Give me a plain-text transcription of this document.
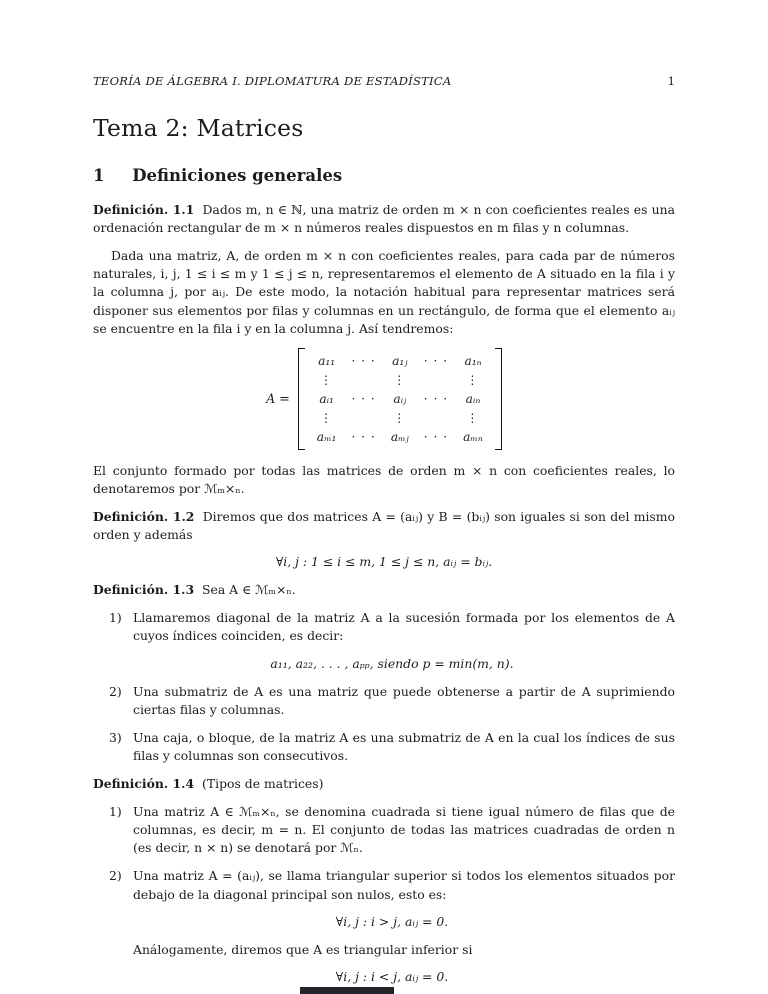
TEORÍA DE ÁLGEBRA I. DIPLOMATURA DE ESTADÍSTICA	1
Tema 2: Matrices
1 Definiciones generales

Definición. 1.1 Dados m, n ∈ ℕ, una matriz de orden m × n con coeficientes reales es una ordenación rectangular de m × n números reales dispuestos en m filas y n columnas.

Dada una matriz, A, de orden m × n con coeficientes reales, para cada par de números naturales, i, j, 1 ≤ i ≤ m y 1 ≤ j ≤ n, representaremos el elemento de A situado en la fila i y la columna j, por aᵢⱼ. De este modo, la notación habitual para representar matrices será disponer sus elementos por filas y columnas en un rectángulo, de forma que el elemento aᵢⱼ se encuentre en la fila i y en la columna j. Así tendremos:

A =
a₁₁ · · · a₁ⱼ · · · a₁ₙ
⋮	⋮	⋮
aᵢ₁ · · · aᵢⱼ · · · aᵢₙ
⋮	⋮	⋮
aₘ₁ · · · aₘⱼ · · · aₘₙ

El conjunto formado por todas las matrices de orden m × n con coeficientes reales, lo denotaremos por ℳₘ×ₙ.

Definición. 1.2 Diremos que dos matrices A = (aᵢⱼ) y B = (bᵢⱼ) son iguales si son del mismo orden y además

∀i, j : 1 ≤ i ≤ m, 1 ≤ j ≤ n, aᵢⱼ = bᵢⱼ.

Definición. 1.3 Sea A ∈ ℳₘ×ₙ.

1) Llamaremos diagonal de la matriz A a la sucesión formada por los elementos de A cuyos índices coinciden, es decir:
a₁₁, a₂₂, . . . , aₚₚ, siendo p = min(m, n).
2) Una submatriz de A es una matriz que puede obtenerse a partir de A suprimiendo ciertas filas y columnas.
3) Una caja, o bloque, de la matriz A es una submatriz de A en la cual los índices de sus filas y columnas son consecutivos.

Definición. 1.4 (Tipos de matrices)

1) Una matriz A ∈ ℳₘ×ₙ, se denomina cuadrada si tiene igual número de filas que de columnas, es decir, m = n. El conjunto de todas las matrices cuadradas de orden n (es decir, n × n) se denotará por ℳₙ.
2) Una matriz A = (aᵢⱼ), se llama triangular superior si todos los elementos situados por debajo de la diagonal principal son nulos, esto es:
∀i, j : i > j, aᵢⱼ = 0.
Análogamente, diremos que A es triangular inferior si
∀i, j : i < j, aᵢⱼ = 0.
